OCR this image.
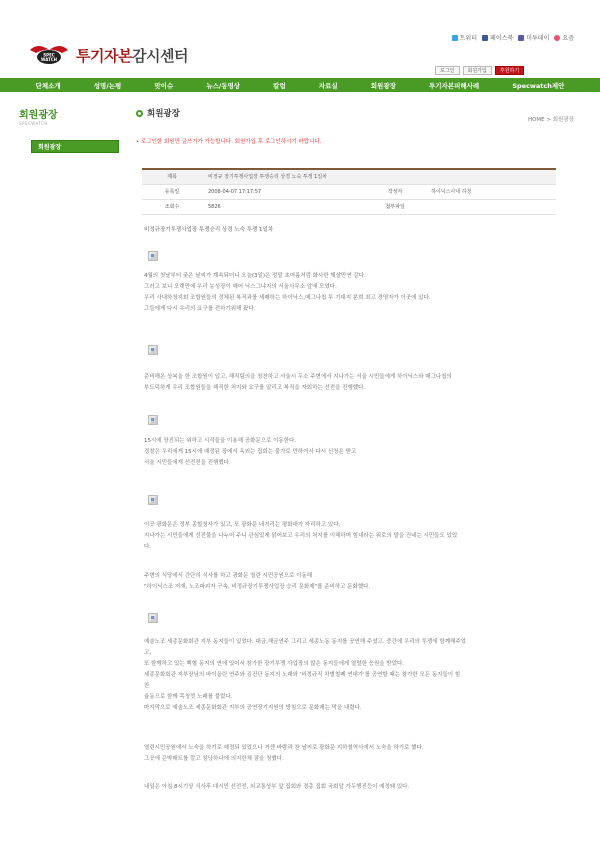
트위터 페이스북 미투데이 요즘
SPEC
WATCH 투기자본감시센터
로그인	회원가입	후원하기
단체소개	성명/논평	맞이슈	뉴스/동영상	칼럼	자료실	회원광장	투기자본피해사례	Specwatch제안
회원광장
SPECWATCH
회원광장
회원광장
HOME > 회원광장
• 로그인한 회원만 글쓰기가 가능합니다. 회원가입 후 로그인하시기 바랍니다.
제목	비정규 장기투쟁사업장 투쟁승리 상경 노숙 투쟁 1일차		
등록일	2008-04-07 17:17:57	작성자	하이닉스사내 하청
조회수	5826	첨부파일	
비정규장기투쟁사업장 투쟁승리 상경 노숙 투쟁 1일차

4월의 첫날부터 궂은 날씨가 계속되더니 오늘(3일)은 정말 초여름처럼 화사한 햇살만연 같다.

그러고 보니 오랫만에 우리 농성장이 헤어 닉스그냐지의 서울사무소 앞에 모였다.

우리 사내하청지회 조합원들의 정체된 복직과를 세쾌하는 하이닉스,매그나칩 투 기대지 분희 최고 경영자가 이곳에 있다.

그들에게 다시 우리의 요구를 전하기위해 왔다.

준비해온 상복을 한 조합원이 입고, 해직팀의을 칭찬하고 서울시 두소 주변에서 지나가는 서울 시민들에게 하이닉스와 매그나칩의

부도덕하게 우리 조합원들을 해직한 처지와 요구를 알리고 복직을 자회하는 선전을 진행했다.

15시에 장진되는 위하고 시작들을 이용해 공화문으로 이동한다.

경찰은 우리에게 15시에 예정된 장에서 옥외는 집회는 불가로 만하여서 다시 신청은 받고

서울 시민들에게 선전전을 진행했다.

이곳 광화문은 정부 종합청사가 있고, 또 광화문 네거리는 평화대가 자리하고 있다.

지나가는 시민들에게 선전물을 나누어 주니 관심있게 읽어보고 우리의 처지를 이해하며 힘내라는 위로의 말을 건네는 시민들도 있었

다.

주변의 식당에서 간단히 식사를 하고 광화문 열린 시민공원으로 이동해

"하이닉스조 저재, 노조파괴자 구속, 비정규장기투쟁사업장 승리 문화제"를 준비하고 문화했다.

예술노조 세종문화회관 지부 동지들이 있었다. 대금,해금연주 그리고 세종노동 동지를 공연해 주셨고. 중간에 우리의 투쟁에 함께해주었

고,

또 함께하고 있는 백혈 동지의 연에 있어서 참가한 장기투쟁 사업장의 많은 동지들에게 열렬한 응원을 받았다.

세종문화회관 지부장님의 바이올린 연주와 김진단 동지의 노래와 '비정규직 차별철폐 연대가'를 공연할 때는 참가한 모든 동지들이 힘

찬

율동으로 함께 목청껏 노래를 불렀다.

마지막으로 예술노조 세종문화회관 지부의 공연장기지원의 방침으로 문화제는 막을 내렸다.

열린시민공원에서 노숙을 하기로 예정되 있었으나 거센 바람과 찬 날씨로 광화문 지하철역사에서 노숙을 하기로 했다.

그곳에 은박매트를 깔고 침낭하나에 의지한채 잠을 청했다.

내일은 아침 8시기상 식사후 대시민 선전전, 외교통상부 앞 집회와 경총 집회 국회앞 가두행진등이 예정돼 있다.
